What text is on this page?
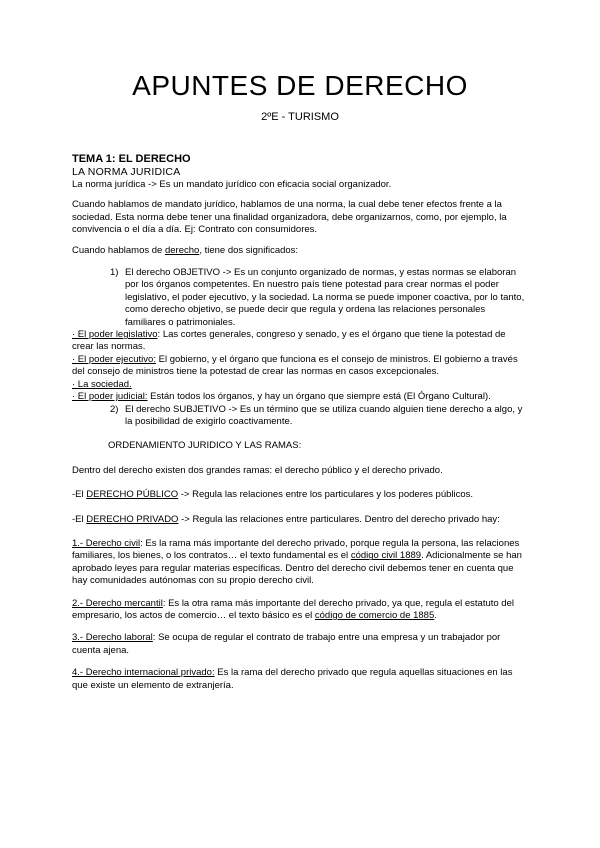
APUNTES DE DERECHO
2ºE - TURISMO

TEMA 1: EL DERECHO

LA NORMA JURIDICA

La norma jurídica -> Es un mandato jurídico con eficacia social organizador.

Cuando hablamos de mandato jurídico, hablamos de una norma, la cual debe tener efectos frente a la sociedad. Esta norma debe tener una finalidad organizadora, debe organizarnos, como, por ejemplo, la convivencia o el día a día. Ej: Contrato con consumidores.

Cuando hablamos de derecho, tiene dos significados:

1) El derecho OBJETIVO -> Es un conjunto organizado de normas, y estas normas se elaboran por los órganos competentes. En nuestro país tiene potestad para crear normas el poder legislativo, el poder ejecutivo, y la sociedad. La norma se puede imponer coactiva, por lo tanto, como derecho objetivo, se puede decir que regula y ordena las relaciones personales familiares o patrimoniales.

· El poder legislativo: Las cortes generales, congreso y senado, y es el órgano que tiene la potestad de crear las normas.

· El poder ejecutivo: El gobierno, y el órgano que funciona es el consejo de ministros. El gobierno a través del consejo de ministros tiene la potestad de crear las normas en casos excepcionales.

· La sociedad.

· El poder judicial: Están todos los órganos, y hay un órgano que siempre está (El Órgano Cultural).

2) El derecho SUBJETIVO -> Es un término que se utiliza cuando alguien tiene derecho a algo, y la posibilidad de exigirlo coactivamente.

ORDENAMIENTO JURIDICO Y LAS RAMAS:

Dentro del derecho existen dos grandes ramas: el derecho público y el derecho privado.

-El DERECHO PÚBLICO -> Regula las relaciones entre los particulares y los poderes públicos.

-El DERECHO PRIVADO -> Regula las relaciones entre particulares. Dentro del derecho privado hay:

1.- Derecho civil: Es la rama más importante del derecho privado, porque regula la persona, las relaciones familiares, los bienes, o los contratos… el texto fundamental es el código civil 1889. Adicionalmente se han aprobado leyes para regular materias específicas. Dentro del derecho civil debemos tener en cuenta que hay comunidades autónomas con su propio derecho civil.

2.- Derecho mercantil: Es la otra rama más importante del derecho privado, ya que, regula el estatuto del empresario, los actos de comercio… el texto básico es el código de comercio de 1885.

3.- Derecho laboral: Se ocupa de regular el contrato de trabajo entre una empresa y un trabajador por cuenta ajena.

4.- Derecho internacional privado: Es la rama del derecho privado que regula aquellas situaciones en las que existe un elemento de extranjería.
